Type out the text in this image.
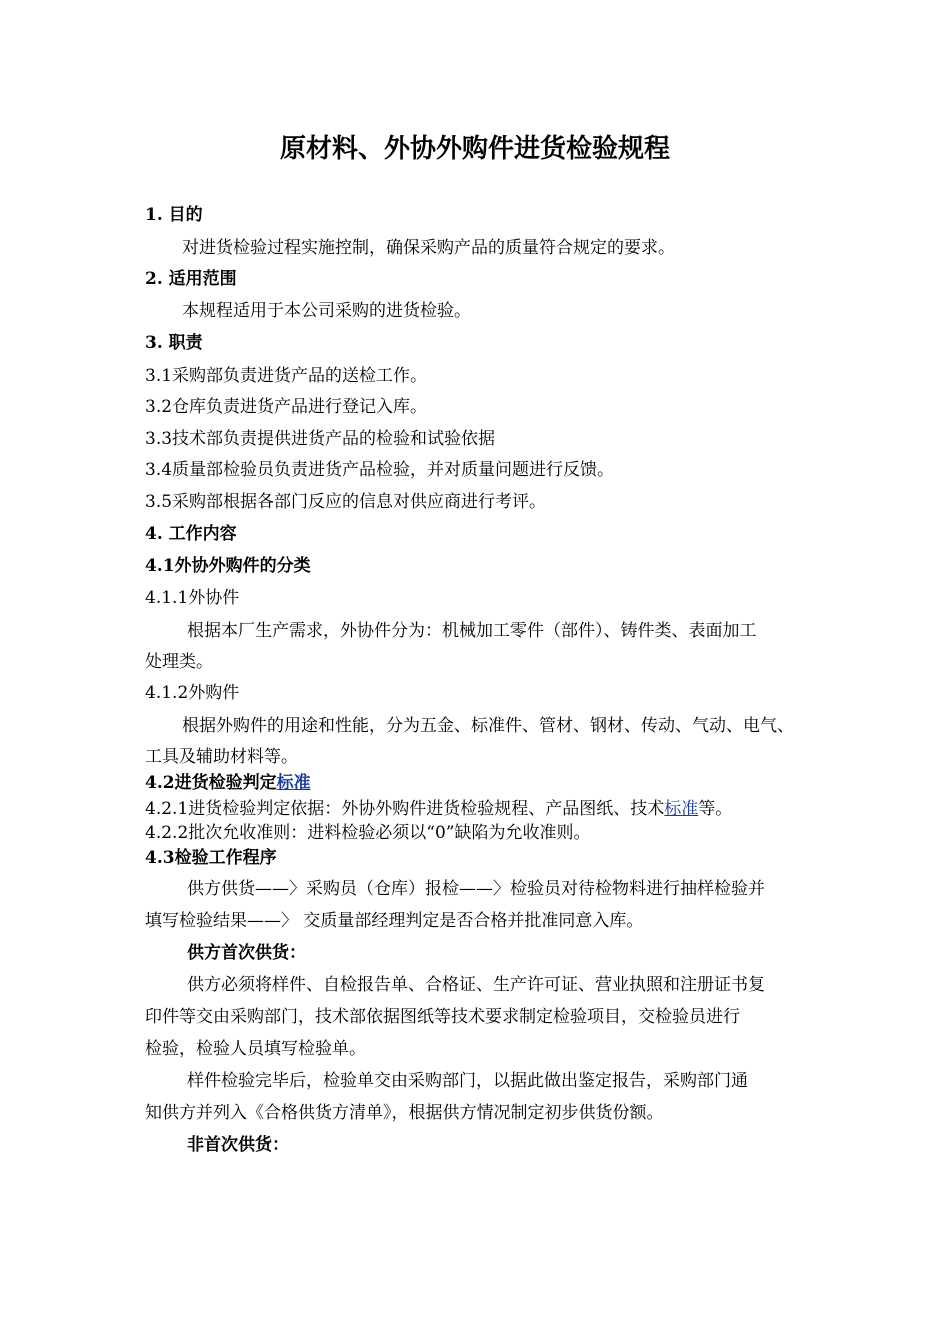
原材料、外协外购件进货检验规程
1. 目的
对进货检验过程实施控制，确保采购产品的质量符合规定的要求。
2. 适用范围
本规程适用于本公司采购的进货检验。
3. 职责
3.1采购部负责进货产品的送检工作。
3.2仓库负责进货产品进行登记入库。
3.3技术部负责提供进货产品的检验和试验依据
3.4质量部检验员负责进货产品检验，并对质量问题进行反馈。
3.5采购部根据各部门反应的信息对供应商进行考评。
4. 工作内容
4.1外协外购件的分类
4.1.1外协件
根据本厂生产需求，外协件分为：机械加工零件（部件）、铸件类、表面加工
处理类。
4.1.2外购件
根据外购件的用途和性能，分为五金、标准件、管材、钢材、传动、气动、电气、
工具及辅助材料等。
4.2进货检验判定标准
4.2.1进货检验判定依据：外协外购件进货检验规程、产品图纸、技术标准等。
4.2.2批次允收准则：进料检验必须以“0”缺陷为允收准则。
4.3检验工作程序
供方供货——〉采购员（仓库）报检——〉检验员对待检物料进行抽样检验并
填写检验结果——〉 交质量部经理判定是否合格并批准同意入库。
供方首次供货：
供方必须将样件、自检报告单、合格证、生产许可证、营业执照和注册证书复
印件等交由采购部门，技术部依据图纸等技术要求制定检验项目，交检验员进行
检验，检验人员填写检验单。
样件检验完毕后，检验单交由采购部门，以据此做出鉴定报告，采购部门通
知供方并列入《合格供货方清单》，根据供方情况制定初步供货份额。
非首次供货：
